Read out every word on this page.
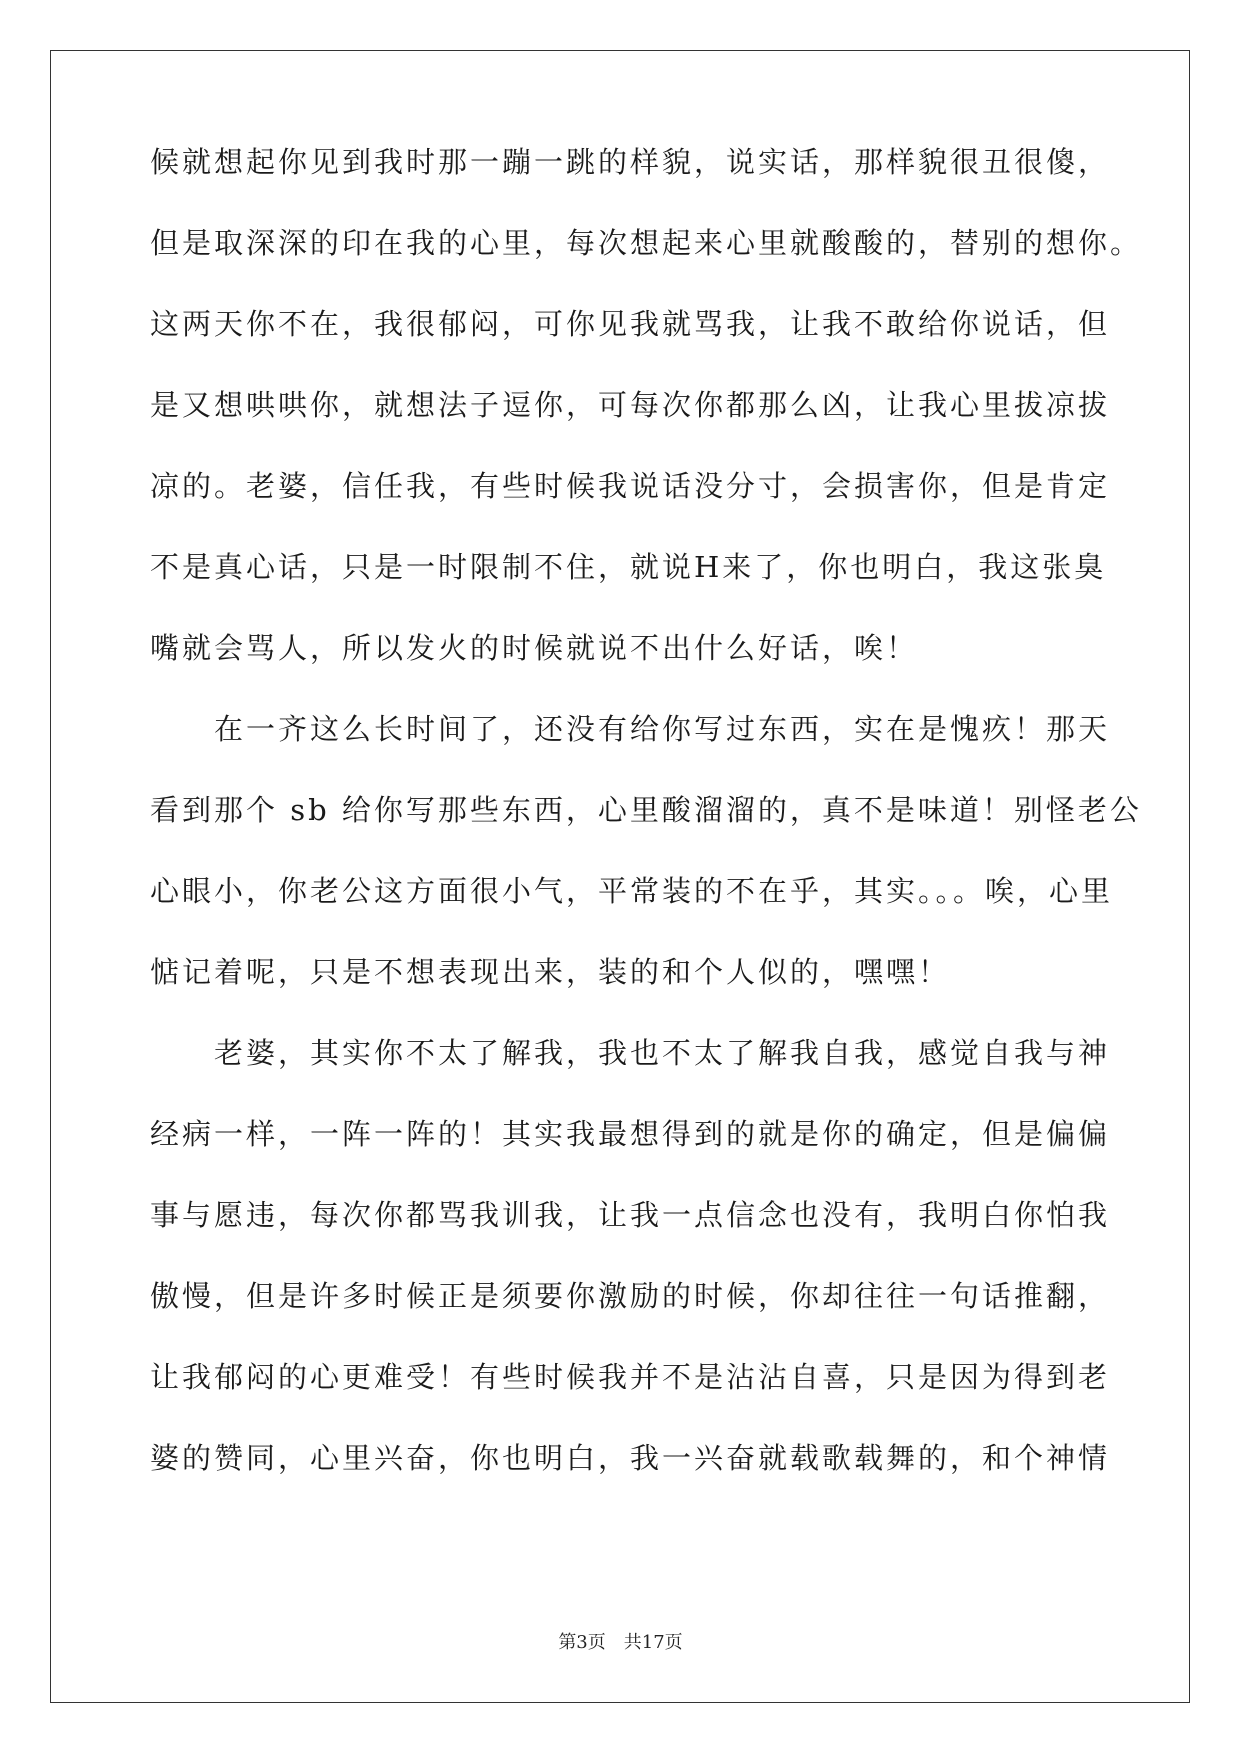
候就想起你见到我时那一蹦一跳的样貌，说实话，那样貌很丑很傻，
但是取深深的印在我的心里，每次想起来心里就酸酸的，替别的想你。
这两天你不在，我很郁闷，可你见我就骂我，让我不敢给你说话，但
是又想哄哄你，就想法子逗你，可每次你都那么凶，让我心里拔凉拔
凉的。老婆，信任我，有些时候我说话没分寸，会损害你，但是肯定
不是真心话，只是一时限制不住，就说H来了，你也明白，我这张臭
嘴就会骂人，所以发火的时候就说不出什么好话，唉！
在一齐这么长时间了，还没有给你写过东西，实在是愧疚！那天
看到那个 sb 给你写那些东西，心里酸溜溜的，真不是味道！别怪老公
心眼小，你老公这方面很小气，平常装的不在乎，其实。。。唉，心里
惦记着呢，只是不想表现出来，装的和个人似的，嘿嘿！
老婆，其实你不太了解我，我也不太了解我自我，感觉自我与神
经病一样，一阵一阵的！其实我最想得到的就是你的确定，但是偏偏
事与愿违，每次你都骂我训我，让我一点信念也没有，我明白你怕我
傲慢，但是许多时候正是须要你激励的时候，你却往往一句话推翻，
让我郁闷的心更难受！有些时候我并不是沾沾自喜，只是因为得到老
婆的赞同，心里兴奋，你也明白，我一兴奋就载歌载舞的，和个神情
第3页　共17页
